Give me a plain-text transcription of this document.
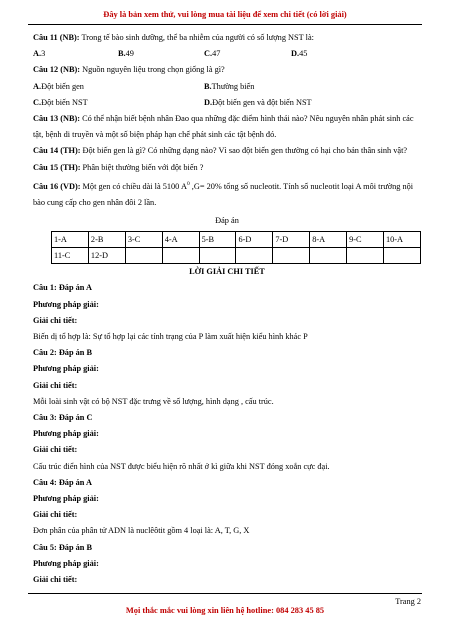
Đây là bản xem thử, vui lòng mua tài liệu để xem chi tiết (có lời giải)

Câu 11 (NB): Trong tế bào sinh dưỡng, thể ba nhiễm của người có số lượng NST là:

A.3	B.49	C.47	D.45

Câu 12 (NB): Nguồn nguyên liệu trong chọn giống là gì?

A.Đột biến gen	B.Thường biến
C.Đột biến NST	D.Đột biến gen và đột biến NST

Câu 13 (NB): Có thể nhận biết bệnh nhân Đao qua những đặc điểm hình thái nào? Nêu nguyên nhân phát sinh các tật, bệnh di truyền và một số biện pháp hạn chế phát sinh các tật bệnh đó.

Câu 14 (TH): Đột biến gen là gì? Có những dạng nào? Vì sao đột biến gen thường có hại cho bản thân sinh vật?

Câu 15 (TH): Phân biệt thường biến với đột biến ?

Câu 16 (VD): Một gen có chiều dài là 5100 $A^0$ ,G= 20% tổng số nucleotit. Tính số nucleotit loại A môi trường nội bào cung cấp cho gen nhân đôi 2 lần.

Đáp án

1-A	2-B	3-C	4-A	5-B	6-D	7-D	8-A	9-C	10-A
11-C	12-D								

LỜI GIẢI CHI TIẾT

Câu 1: Đáp án A

Phương pháp giải:

Giải chi tiết:

Biến dị tổ hợp là: Sự tổ hợp lại các tính trạng của P làm xuất hiện kiểu hình khác P

Câu 2: Đáp án B

Phương pháp giải:

Giải chi tiết:

Mỗi loài sinh vật có bộ NST đặc trưng về số lượng, hình dạng , cấu trúc.

Câu 3: Đáp án C

Phương pháp giải:

Giải chi tiết:

Cấu trúc điển hình của NST được biểu hiện rõ nhất ở kì giữa khi NST đóng xoắn cực đại.

Câu 4: Đáp án A

Phương pháp giải:

Giải chi tiết:

Đơn phân của phân tử ADN là nuclêôtit gồm 4 loại là: A, T, G, X

Câu 5: Đáp án B

Phương pháp giải:

Giải chi tiết:

Trang 2
Mọi thắc mắc vui lòng xin liên hệ hotline: 084 283 45 85
